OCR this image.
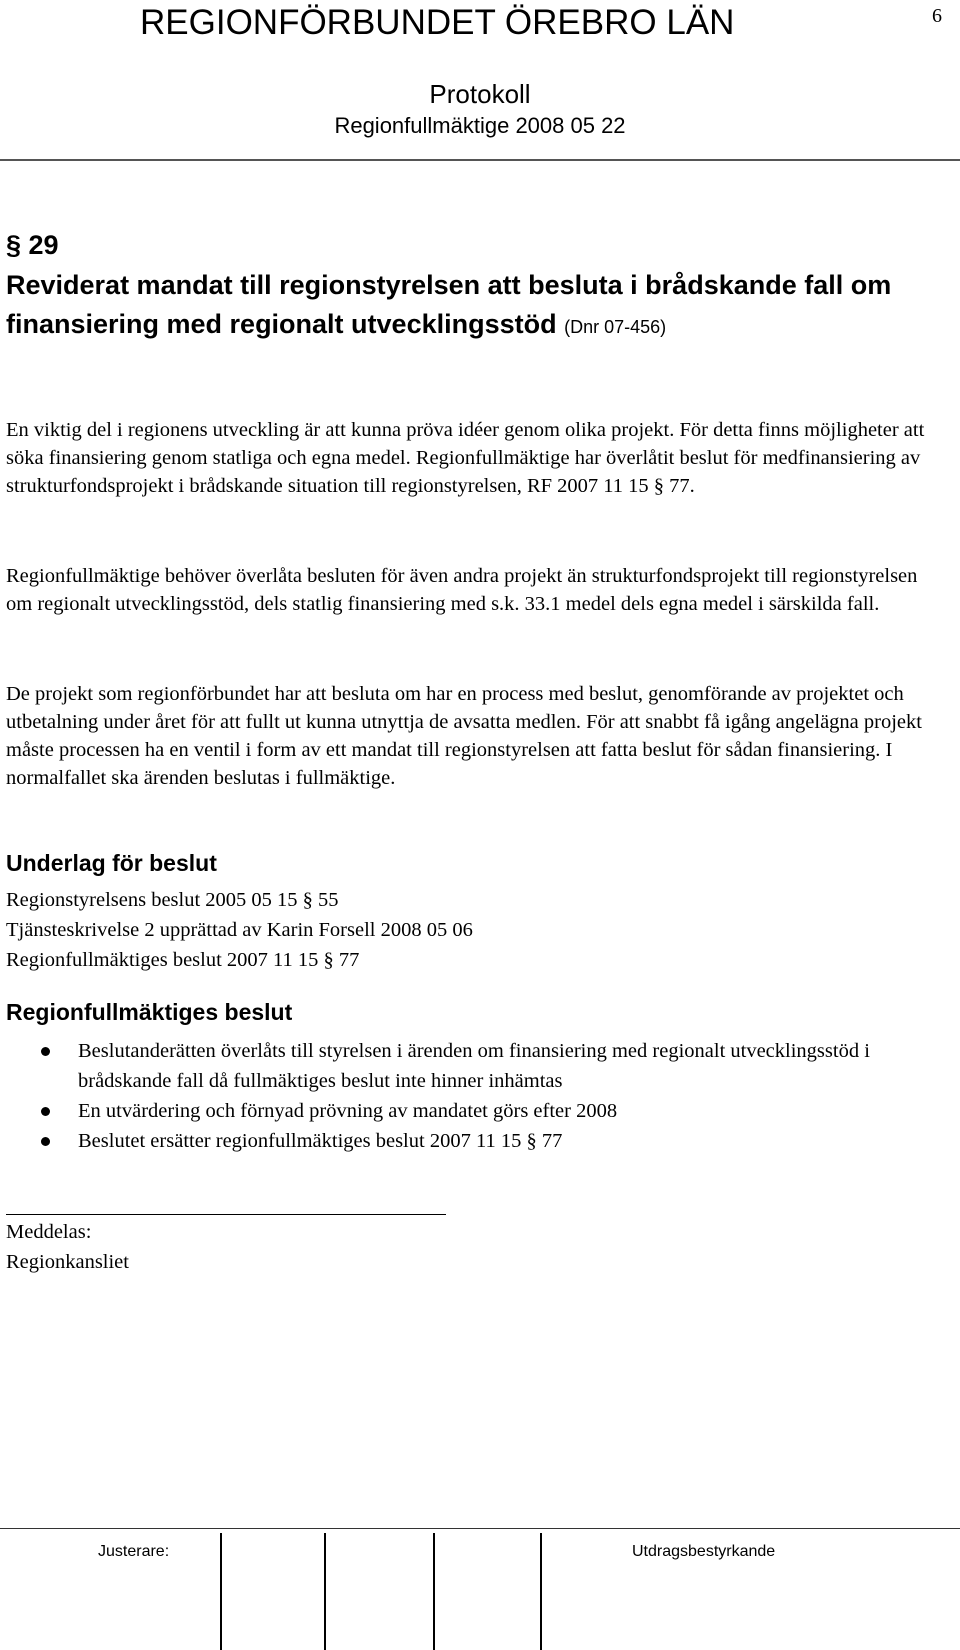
REGIONFÖRBUNDET ÖREBRO LÄN	6
Protokoll
Regionfullmäktige 2008 05 22
§ 29
Reviderat mandat till regionstyrelsen att besluta i brådskande fall om finansiering med regionalt utvecklingsstöd (Dnr 07-456)
En viktig del i regionens utveckling är att kunna pröva idéer genom olika projekt. För detta finns möjligheter att söka finansiering genom statliga och egna medel. Regionfullmäktige har överlåtit beslut för medfinansiering av strukturfondsprojekt i brådskande situation till regionstyrelsen, RF 2007 11 15 § 77.
Regionfullmäktige behöver överlåta besluten för även andra projekt än strukturfondsprojekt till regionstyrelsen om regionalt utvecklingsstöd, dels statlig finansiering med s.k. 33.1 medel dels egna medel i särskilda fall.
De projekt som regionförbundet har att besluta om har en process med beslut, genomförande av projektet och utbetalning under året för att fullt ut kunna utnyttja de avsatta medlen. För att snabbt få igång angelägna projekt måste processen ha en ventil i form av ett mandat till regionstyrelsen att fatta beslut för sådan finansiering. I normalfallet ska ärenden beslutas i fullmäktige.
Underlag för beslut
Regionstyrelsens beslut 2005 05 15 § 55
Tjänsteskrivelse 2 upprättad av Karin Forsell 2008 05 06
Regionfullmäktiges beslut 2007 11 15 § 77
Regionfullmäktiges beslut
Beslutanderätten överlåts till styrelsen i ärenden om finansiering med regionalt utvecklingsstöd i brådskande fall då fullmäktiges beslut inte hinner inhämtas
En utvärdering och förnyad prövning av mandatet görs efter 2008
Beslutet ersätter regionfullmäktiges beslut 2007 11 15 § 77
Meddelas:
Regionkansliet
Justerare:	Utdragsbestyrkande
